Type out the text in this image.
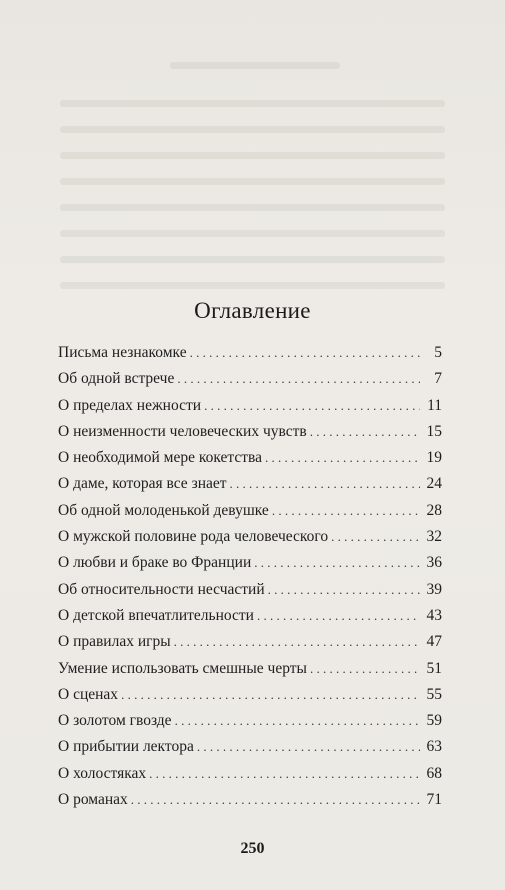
Оглавление
Письма незнакомке . . .	5
Об одной встрече . . .	7
О пределах нежности . . .	11
О неизменности человеческих чувств . . .	15
О необходимой мере кокетства . . .	19
О даме, которая все знает . . .	24
Об одной молоденькой девушке . . .	28
О мужской половине рода человеческого . . .	32
О любви и браке во Франции . . .	36
Об относительности несчастий . . .	39
О детской впечатлительности . . .	43
О правилах игры . . .	47
Умение использовать смешные черты . . .	51
О сценах . . .	55
О золотом гвозде . . .	59
О прибытии лектора . . .	63
О холостяках . . .	68
О романах . . .	71
250
